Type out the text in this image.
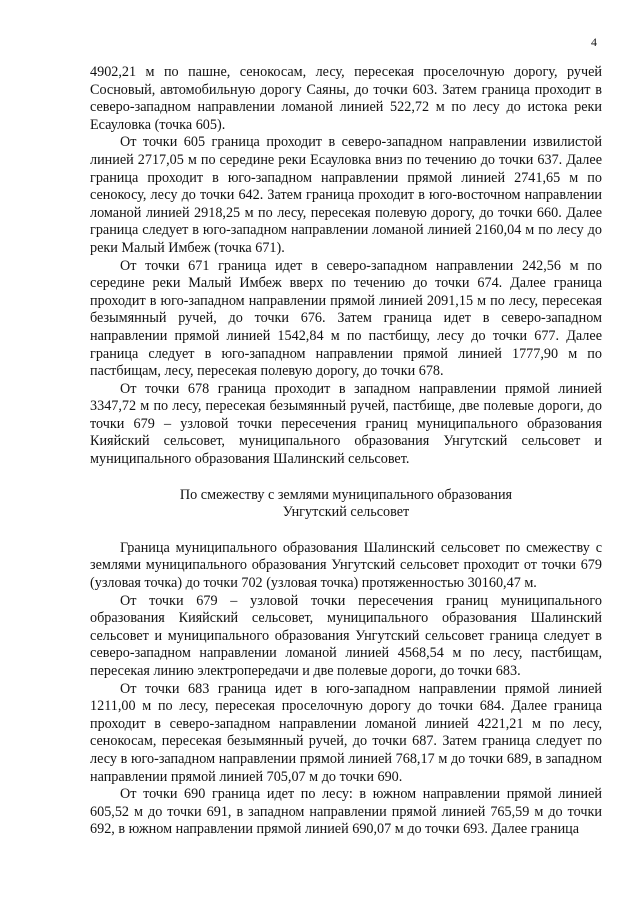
4

4902,21 м по пашне, сенокосам, лесу, пересекая проселочную дорогу, ручей Сосновый, автомобильную дорогу Саяны, до точки 603. Затем граница проходит в северо-западном направлении ломаной линией 522,72 м по лесу до истока реки Есауловка (точка 605).

От точки 605 граница проходит в северо-западном направлении извилистой линией 2717,05 м по середине реки Есауловка вниз по течению до точки 637. Далее граница проходит в юго-западном направлении прямой линией 2741,65 м по сенокосу, лесу до точки 642. Затем граница проходит в юго-восточном направлении ломаной линией 2918,25 м по лесу, пересекая полевую дорогу, до точки 660. Далее граница следует в юго-западном направлении ломаной линией 2160,04 м по лесу до реки Малый Имбеж (точка 671).

От точки 671 граница идет в северо-западном направлении 242,56 м по середине реки Малый Имбеж вверх по течению до точки 674. Далее граница проходит в юго-западном направлении прямой линией 2091,15 м по лесу, пересекая безымянный ручей, до точки 676. Затем граница идет в северо-западном направлении прямой линией 1542,84 м по пастбищу, лесу до точки 677. Далее граница следует в юго-западном направлении прямой линией 1777,90 м по пастбищам, лесу, пересекая полевую дорогу, до точки 678.

От точки 678 граница проходит в западном направлении прямой линией 3347,72 м по лесу, пересекая безымянный ручей, пастбище, две полевые дороги, до точки 679 – узловой точки пересечения границ муниципального образования Кияйский сельсовет, муниципального образования Унгутский сельсовет и муниципального образования Шалинский сельсовет.

По смежеству с землями муниципального образования
Унгутский сельсовет

Граница муниципального образования Шалинский сельсовет по смежеству с землями муниципального образования Унгутский сельсовет проходит от точки 679 (узловая точка) до точки 702 (узловая точка) протяженностью 30160,47 м.

От точки 679 – узловой точки пересечения границ муниципального образования Кияйский сельсовет, муниципального образования Шалинский сельсовет и муниципального образования Унгутский сельсовет граница следует в северо-западном направлении ломаной линией 4568,54 м по лесу, пастбищам, пересекая линию электропередачи и две полевые дороги, до точки 683.

От точки 683 граница идет в юго-западном направлении прямой линией 1211,00 м по лесу, пересекая проселочную дорогу до точки 684. Далее граница проходит в северо-западном направлении ломаной линией 4221,21 м по лесу, сенокосам, пересекая безымянный ручей, до точки 687. Затем граница следует по лесу в юго-западном направлении прямой линией 768,17 м до точки 689, в западном направлении прямой линией 705,07 м до точки 690.

От точки 690 граница идет по лесу: в южном направлении прямой линией 605,52 м до точки 691, в западном направлении прямой линией 765,59 м до точки 692, в южном направлении прямой линией 690,07 м до точки 693. Далее граница
